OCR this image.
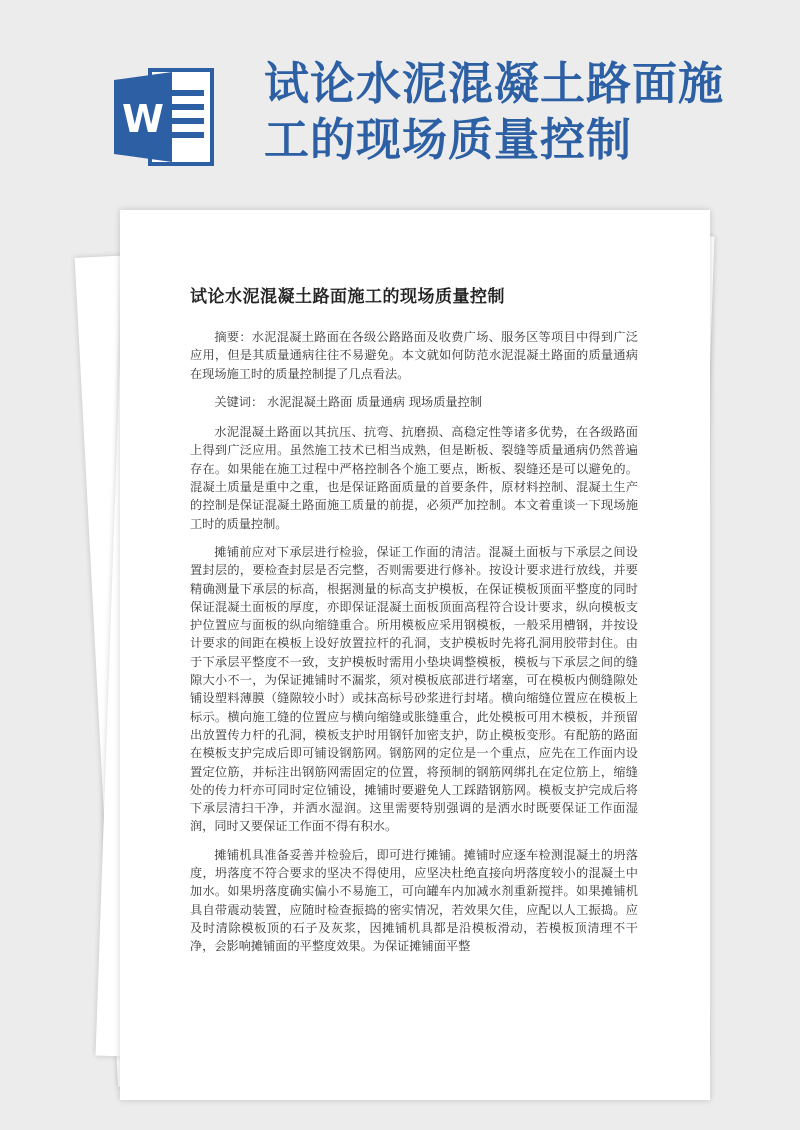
W
试论水泥混凝土路面施工的现场质量控制
试论水泥混凝土路面施工的现场质量控制

摘要：水泥混凝土路面在各级公路路面及收费广场、服务区等项目中得到广泛应用，但是其质量通病往往不易避免。本文就如何防范水泥混凝土路面的质量通病在现场施工时的质量控制提了几点看法。

关键词： 水泥混凝土路面 质量通病 现场质量控制

水泥混凝土路面以其抗压、抗弯、抗磨损、高稳定性等诸多优势，在各级路面上得到广泛应用。虽然施工技术已相当成熟，但是断板、裂缝等质量通病仍然普遍存在。如果能在施工过程中严格控制各个施工要点，断板、裂缝还是可以避免的。混凝土质量是重中之重，也是保证路面质量的首要条件，原材料控制、混凝土生产的控制是保证混凝土路面施工质量的前提，必须严加控制。本文着重谈一下现场施工时的质量控制。

摊铺前应对下承层进行检验，保证工作面的清洁。混凝土面板与下承层之间设置封层的，要检查封层是否完整，否则需要进行修补。按设计要求进行放线，并要精确测量下承层的标高，根据测量的标高支护模板，在保证模板顶面平整度的同时保证混凝土面板的厚度，亦即保证混凝土面板顶面高程符合设计要求，纵向模板支护位置应与面板的纵向缩缝重合。所用模板应采用钢模板，一般采用槽钢，并按设计要求的间距在模板上设好放置拉杆的孔洞，支护模板时先将孔洞用胶带封住。由于下承层平整度不一致，支护模板时需用小垫块调整模板，模板与下承层之间的缝隙大小不一，为保证摊铺时不漏浆，须对模板底部进行堵塞，可在模板内侧缝隙处铺设塑料薄膜（缝隙较小时）或抹高标号砂浆进行封堵。横向缩缝位置应在模板上标示。横向施工缝的位置应与横向缩缝或胀缝重合，此处模板可用木模板，并预留出放置传力杆的孔洞，模板支护时用钢钎加密支护，防止模板变形。有配筋的路面在模板支护完成后即可铺设钢筋网。钢筋网的定位是一个重点，应先在工作面内设置定位筋，并标注出钢筋网需固定的位置，将预制的钢筋网绑扎在定位筋上，缩缝处的传力杆亦可同时定位铺设，摊铺时要避免人工踩踏钢筋网。模板支护完成后将下承层清扫干净，并洒水湿润。这里需要特别强调的是洒水时既要保证工作面湿润，同时又要保证工作面不得有积水。

摊铺机具准备妥善并检验后，即可进行摊铺。摊铺时应逐车检测混凝土的坍落度，坍落度不符合要求的坚决不得使用，应坚决杜绝直接向坍落度较小的混凝土中加水。如果坍落度确实偏小不易施工，可向罐车内加减水剂重新搅拌。如果摊铺机具自带震动装置，应随时检查振捣的密实情况，若效果欠佳，应配以人工振捣。应及时清除模板顶的石子及灰浆，因摊铺机具都是沿模板滑动，若模板顶清理不干净，会影响摊铺面的平整度效果。为保证摊铺面平整
